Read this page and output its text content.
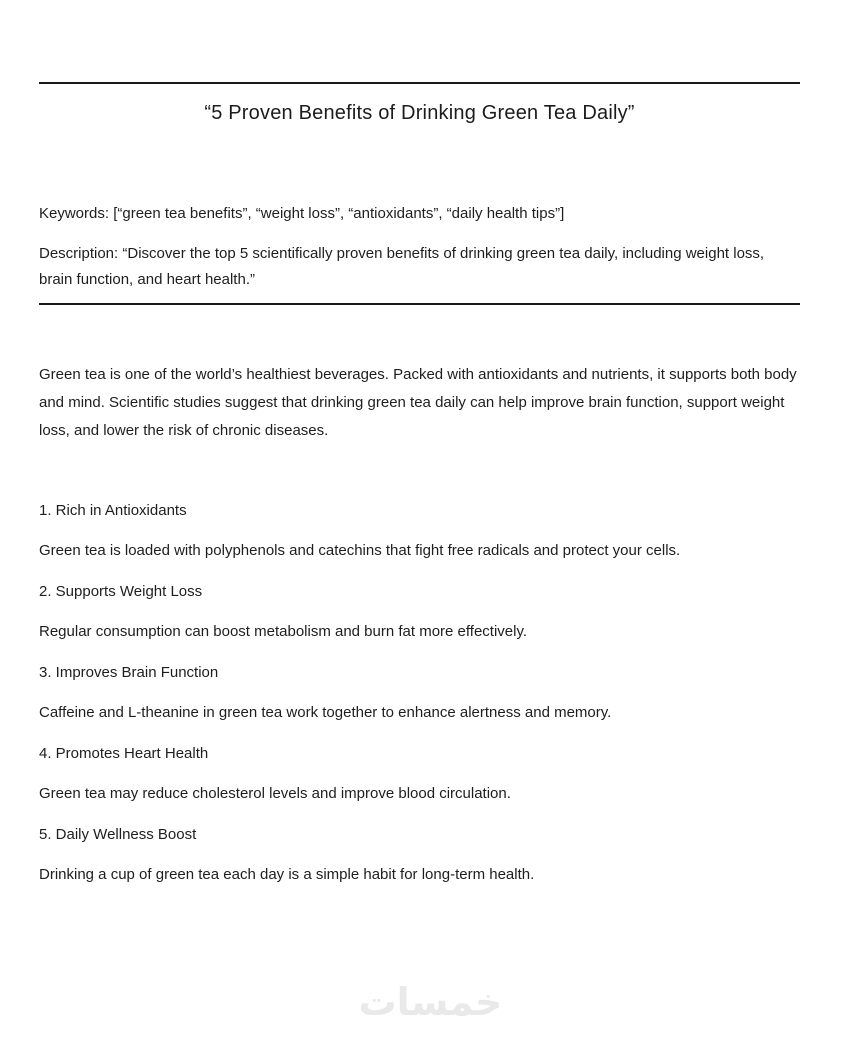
“5 Proven Benefits of Drinking Green Tea Daily”

Keywords: [“green tea benefits”, “weight loss”, “antioxidants”, “daily health tips”]

Description: “Discover the top 5 scientifically proven benefits of drinking green tea daily, including weight loss, brain function, and heart health.”

Green tea is one of the world’s healthiest beverages. Packed with antioxidants and nutrients, it supports both body and mind. Scientific studies suggest that drinking green tea daily can help improve brain function, support weight loss, and lower the risk of chronic diseases.

1. Rich in Antioxidants

Green tea is loaded with polyphenols and catechins that fight free radicals and protect your cells.

2. Supports Weight Loss

Regular consumption can boost metabolism and burn fat more effectively.

3. Improves Brain Function

Caffeine and L-theanine in green tea work together to enhance alertness and memory.

4. Promotes Heart Health

Green tea may reduce cholesterol levels and improve blood circulation.

5. Daily Wellness Boost

Drinking a cup of green tea each day is a simple habit for long-term health.

خمسات
